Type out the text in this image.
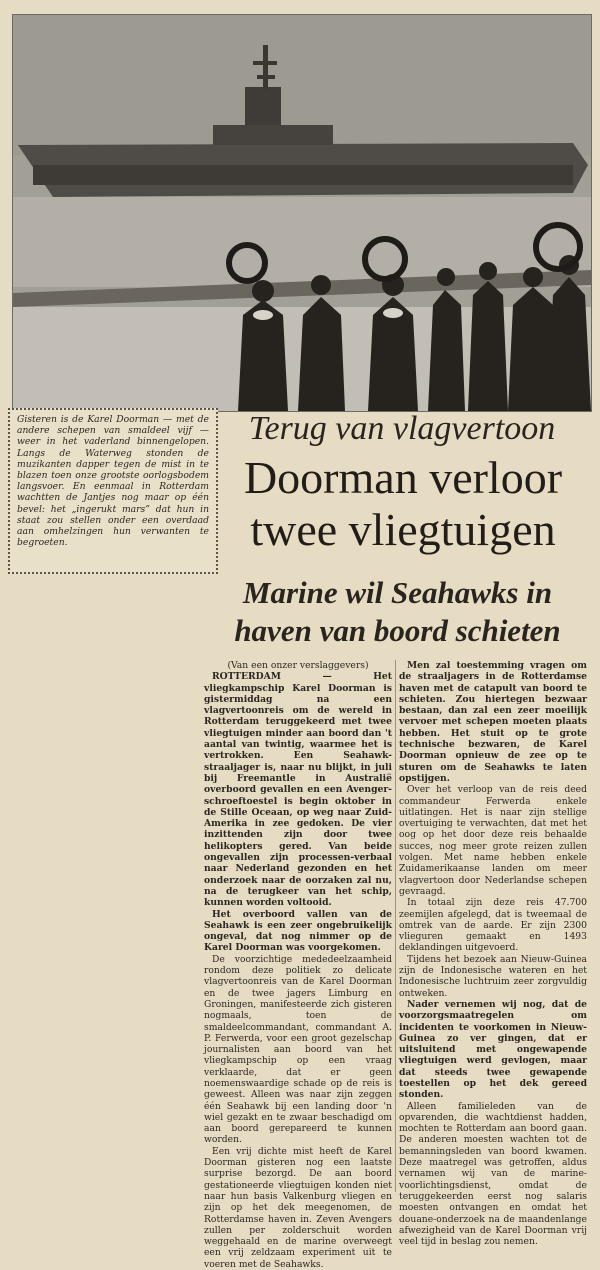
Gisteren is de Karel Doorman — met de andere schepen van smaldeel vijf — weer in het vaderland binnengelopen. Langs de Waterweg stonden de muzikanten dapper tegen de mist in te blazen toen onze grootste oorlogsbodem langsvoer. En eenmaal in Rotterdam wachtten de Jantjes nog maar op één bevel: het „ingerukt mars” dat hun in staat zou stellen onder een overdaad aan omhelzingen hun verwanten te begroeten.
Terug van vlagvertoon
Doorman verloor
twee vliegtuigen
Marine wil Seahawks in
haven van boord schieten

(Van een onzer verslaggevers)

ROTTERDAM — Het vliegkampschip Karel Doorman is gistermiddag na een vlagvertoonreis om de wereld in Rotterdam teruggekeerd met twee vliegtuigen minder aan boord dan 't aantal van twintig, waarmee het is vertrokken. Een Seahawk-straaljager is, naar nu blijkt, in juli bij Freemantle in Australië overboord gevallen en een Avenger-schroeftoestel is begin oktober in de Stille Oceaan, op weg naar Zuid-Amerika in zee gedoken. De vier inzittenden zijn door twee helikopters gered. Van beide ongevallen zijn processen-verbaal naar Nederland gezonden en het onderzoek naar de oorzaken zal nu, na de terugkeer van het schip, kunnen worden voltooid.

Het overboord vallen van de Seahawk is een zeer ongebruikelijk ongeval, dat nog nimmer op de Karel Doorman was voorgekomen.

De voorzichtige mededeelzaamheid rondom deze politiek zo delicate vlagvertoonreis van de Karel Doorman en de twee jagers Limburg en Groningen, manifesteerde zich gisteren nogmaals, toen de smaldeelcommandant, commandant A. P. Ferwerda, voor een groot gezelschap journalisten aan boord van het vliegkampschip op een vraag verklaarde, dat er geen noemenswaardige schade op de reis is geweest. Alleen was naar zijn zeggen één Seahawk bij een landing door 'n wiel gezakt en te zwaar beschadigd om aan boord gerepareerd te kunnen worden.

Een vrij dichte mist heeft de Karel Doorman gisteren nog een laatste surprise bezorgd. De aan boord gestationeerde vliegtuigen konden niet naar hun basis Valkenburg vliegen en zijn op het dek meegenomen, de Rotterdamse haven in. Zeven Avengers zullen per zolderschuit worden weggehaald en de marine overweegt een vrij zeldzaam experiment uit te voeren met de Seahawks.

Men zal toestemming vragen om de straaljagers in de Rotterdamse haven met de catapult van boord te schieten. Zou hiertegen bezwaar bestaan, dan zal een zeer moeilijk vervoer met schepen moeten plaats hebben. Het stuit op te grote technische bezwaren, de Karel Doorman opnieuw de zee op te sturen om de Seahawks te laten opstijgen.

Over het verloop van de reis deed commandeur Ferwerda enkele uitlatingen. Het is naar zijn stellige overtuiging te verwachten, dat met het oog op het door deze reis behaalde succes, nog meer grote reizen zullen volgen. Met name hebben enkele Zuidamerikaanse landen om meer vlagvertoon door Nederlandse schepen gevraagd.

In totaal zijn deze reis 47.700 zeemijlen afgelegd, dat is tweemaal de omtrek van de aarde. Er zijn 2300 vlieguren gemaakt en 1493 deklandingen uitgevoerd.

Tijdens het bezoek aan Nieuw-Guinea zijn de Indonesische wateren en het Indonesische luchtruim zeer zorgvuldig ontweken.

Nader vernemen wij nog, dat de voorzorgsmaatregelen om incidenten te voorkomen in Nieuw-Guinea zo ver gingen, dat er uitsluitend met ongewapende vliegtuigen werd gevlogen, maar dat steeds twee gewapende toestellen op het dek gereed stonden.

Alleen familieleden van de opvarenden, die wachtdienst hadden, mochten te Rotterdam aan boord gaan. De anderen moesten wachten tot de bemanningsleden van boord kwamen. Deze maatregel was getroffen, aldus vernamen wij van de marine-voorlichtingsdienst, omdat de teruggekeerden eerst nog salaris moesten ontvangen en omdat het douane-onderzoek na de maandenlange afwezigheid van de Karel Doorman vrij veel tijd in beslag zou nemen.
